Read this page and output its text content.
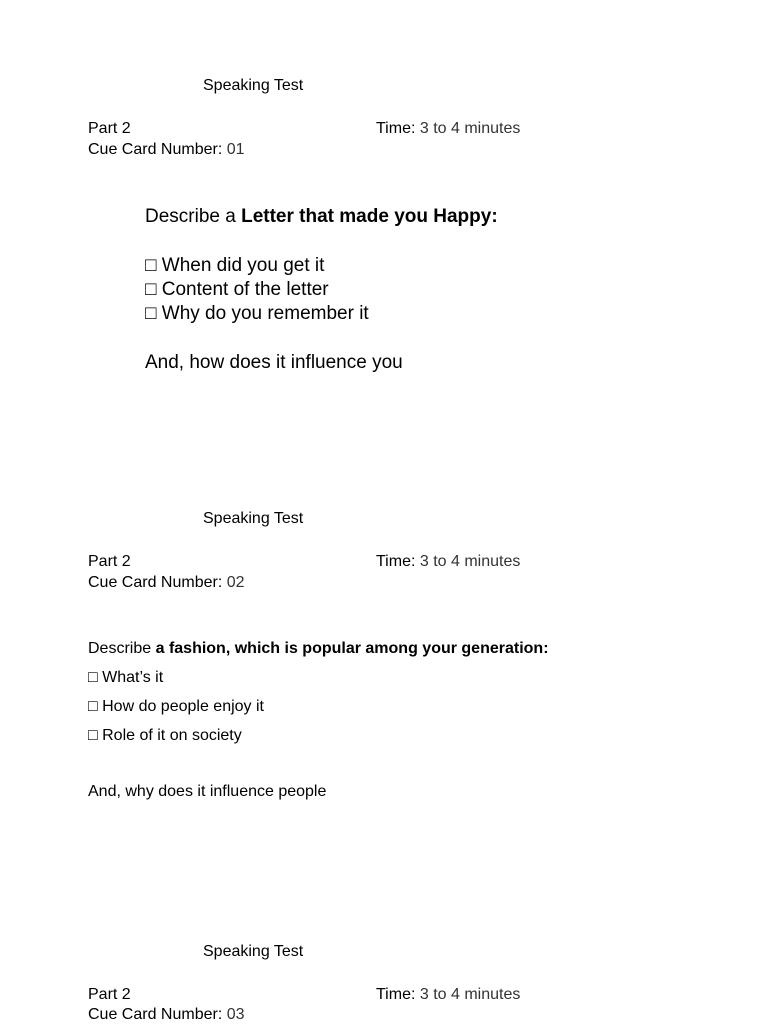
Speaking Test
Part 2	Time: 3 to 4 minutes
Cue Card Number: 01
Describe a Letter that made you Happy:
□ When did you get it
□ Content of the letter
□ Why do you remember it
And, how does it influence you
Speaking Test
Part 2	Time: 3 to 4 minutes
Cue Card Number: 02
Describe a fashion, which is popular among your generation:
□ What’s it
□ How do people enjoy it
□ Role of it on society
And, why does it influence people
Speaking Test
Part 2	Time: 3 to 4 minutes
Cue Card Number: 03
